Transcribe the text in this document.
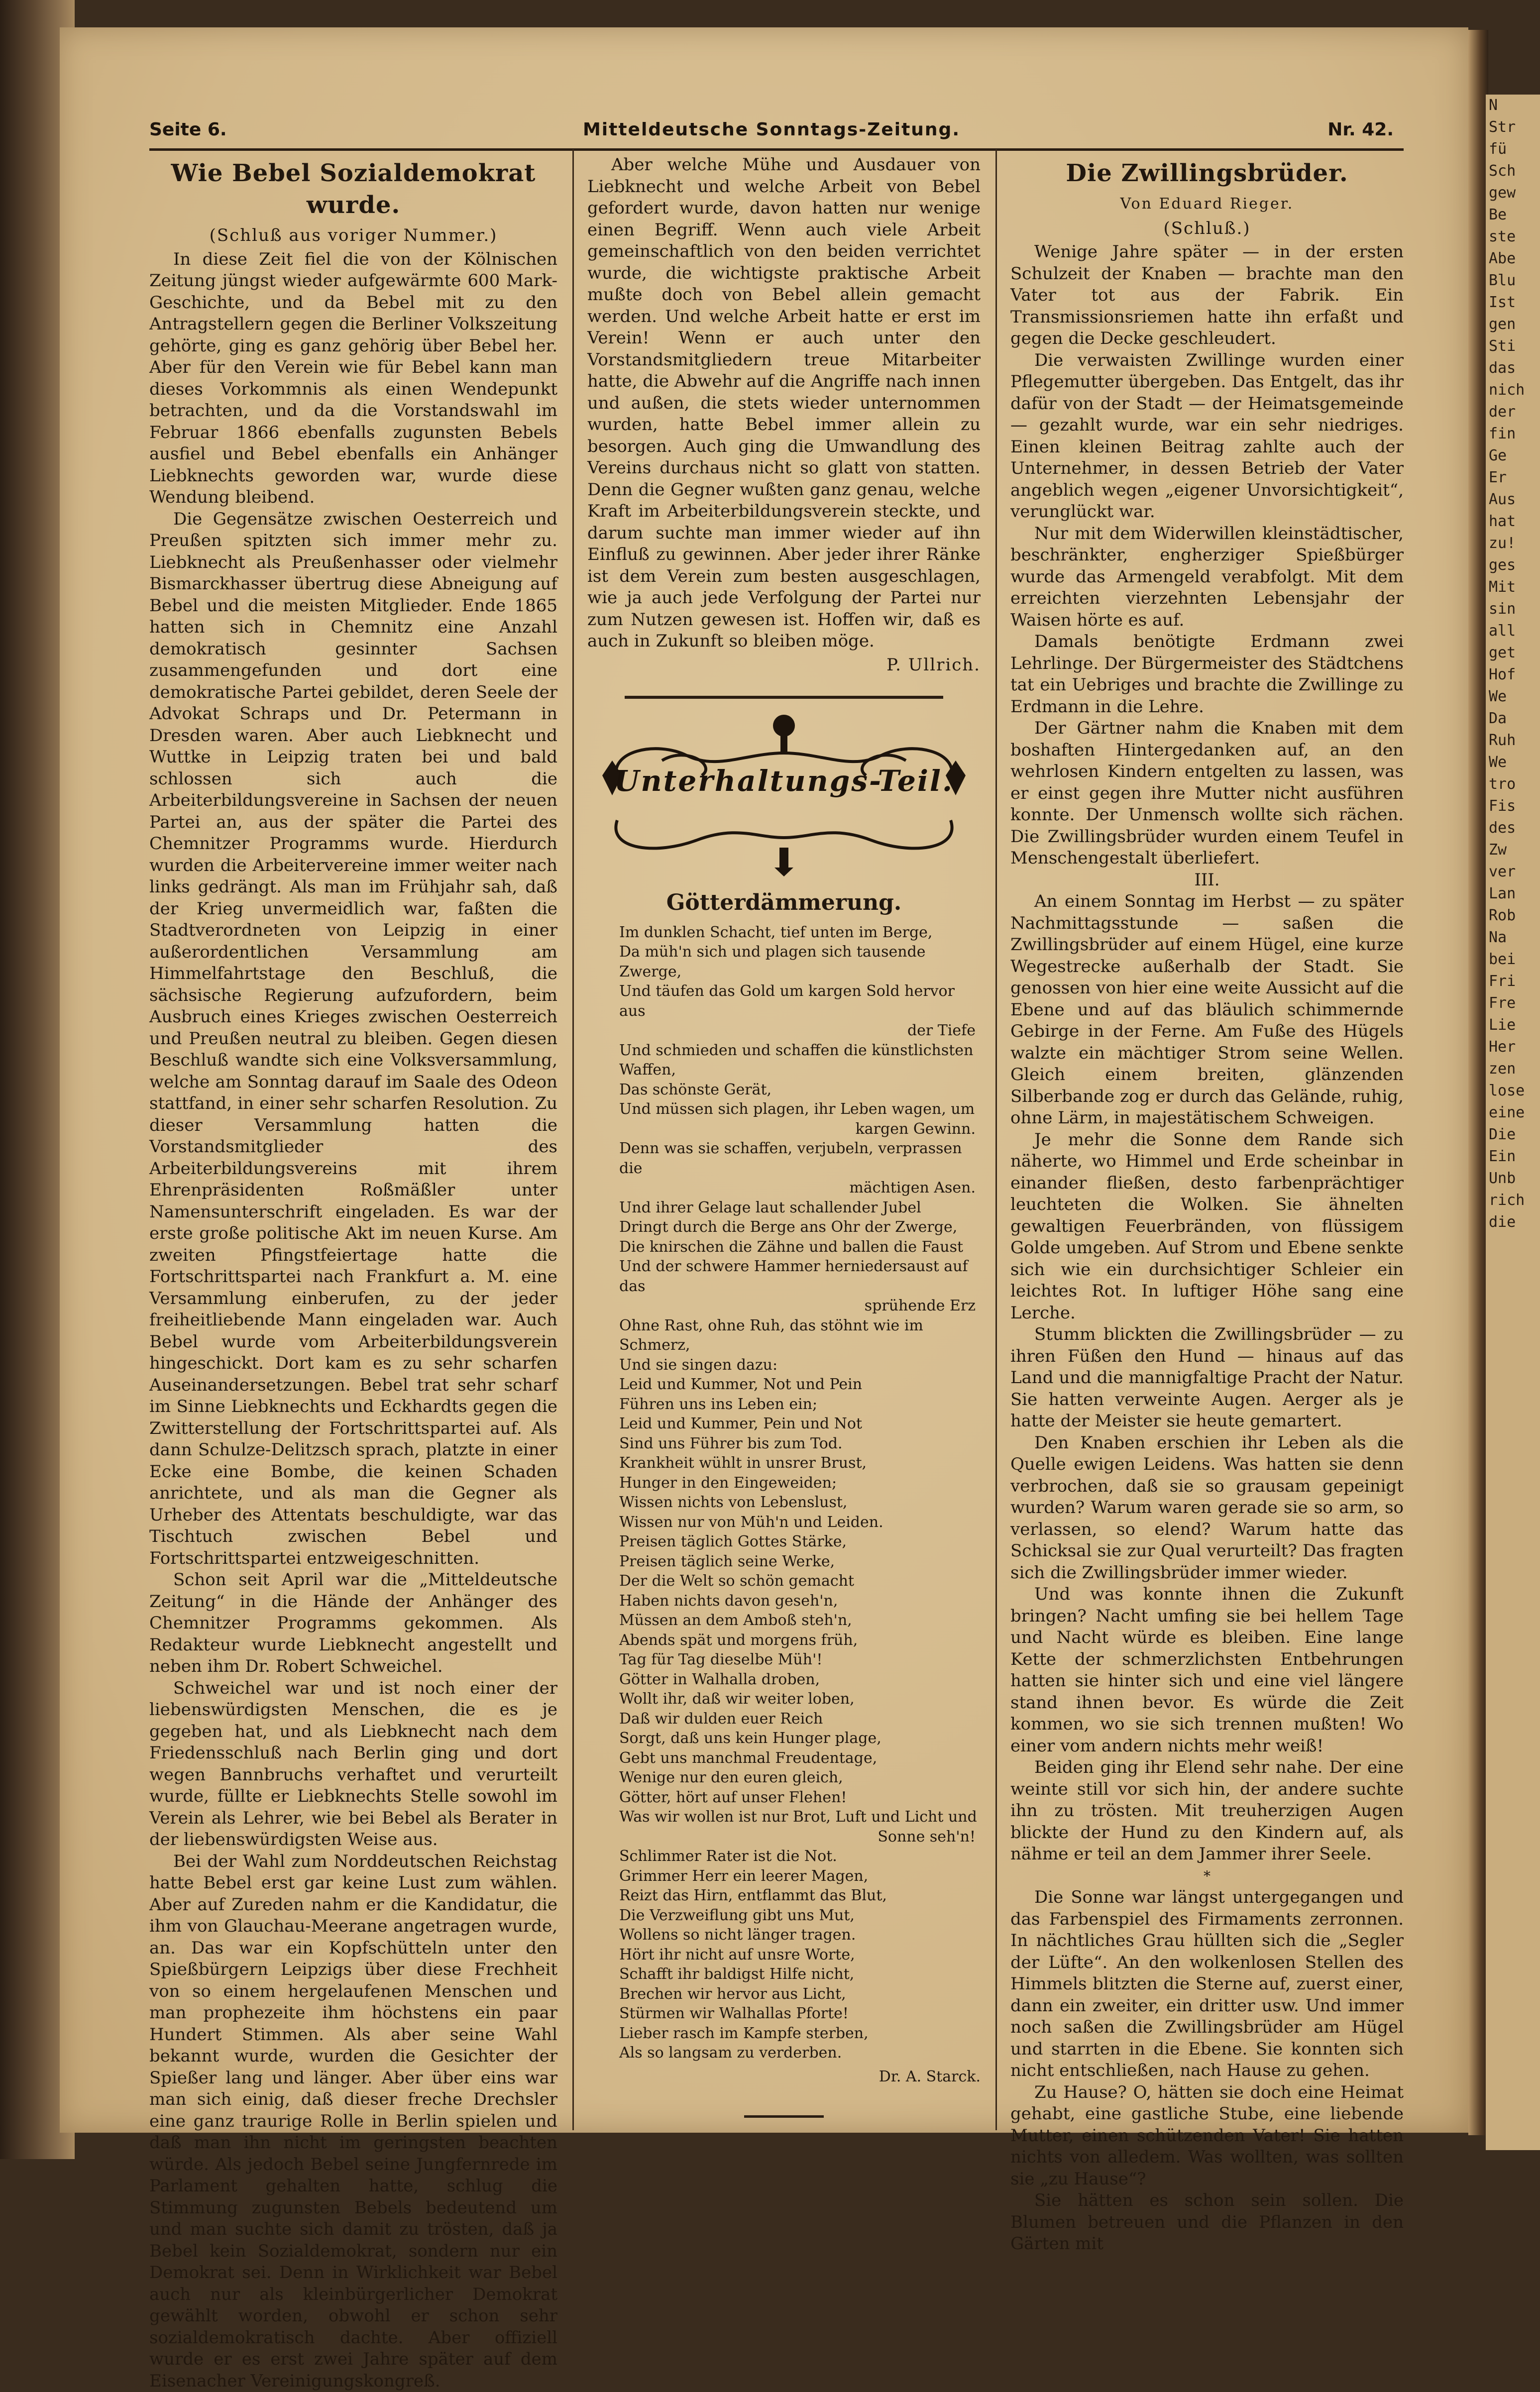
Seite 6.	Mitteldeutsche Sonntags-Zeitung.	Nr. 42.
Wie Bebel Sozialdemokrat wurde.
(Schluß aus voriger Nummer.)

In diese Zeit fiel die von der Kölnischen Zeitung jüngst wieder aufgewärmte 600 Mark-Geschichte, und da Bebel mit zu den Antragstellern gegen die Berliner Volkszeitung gehörte, ging es ganz gehörig über Bebel her. Aber für den Verein wie für Bebel kann man dieses Vorkommnis als einen Wendepunkt betrachten, und da die Vorstandswahl im Februar 1866 ebenfalls zugunsten Bebels ausfiel und Bebel ebenfalls ein Anhänger Liebknechts geworden war, wurde diese Wendung bleibend.

Die Gegensätze zwischen Oesterreich und Preußen spitzten sich immer mehr zu. Liebknecht als Preußenhasser oder vielmehr Bismarckhasser übertrug diese Abneigung auf Bebel und die meisten Mitglieder. Ende 1865 hatten sich in Chemnitz eine Anzahl demokratisch gesinnter Sachsen zusammengefunden und dort eine demokratische Partei gebildet, deren Seele der Advokat Schraps und Dr. Petermann in Dresden waren. Aber auch Liebknecht und Wuttke in Leipzig traten bei und bald schlossen sich auch die Arbeiterbildungsvereine in Sachsen der neuen Partei an, aus der später die Partei des Chemnitzer Programms wurde. Hierdurch wurden die Arbeitervereine immer weiter nach links gedrängt. Als man im Frühjahr sah, daß der Krieg unvermeidlich war, faßten die Stadtverordneten von Leipzig in einer außerordentlichen Versammlung am Himmelfahrtstage den Beschluß, die sächsische Regierung aufzufordern, beim Ausbruch eines Krieges zwischen Oesterreich und Preußen neutral zu bleiben. Gegen diesen Beschluß wandte sich eine Volksversammlung, welche am Sonntag darauf im Saale des Odeon stattfand, in einer sehr scharfen Resolution. Zu dieser Versammlung hatten die Vorstandsmitglieder des Arbeiterbildungsvereins mit ihrem Ehrenpräsidenten Roßmäßler unter Namensunterschrift eingeladen. Es war der erste große politische Akt im neuen Kurse. Am zweiten Pfingstfeiertage hatte die Fortschrittspartei nach Frankfurt a. M. eine Versammlung einberufen, zu der jeder freiheitliebende Mann eingeladen war. Auch Bebel wurde vom Arbeiterbildungsverein hingeschickt. Dort kam es zu sehr scharfen Auseinandersetzungen. Bebel trat sehr scharf im Sinne Liebknechts und Eckhardts gegen die Zwitterstellung der Fortschrittspartei auf. Als dann Schulze-Delitzsch sprach, platzte in einer Ecke eine Bombe, die keinen Schaden anrichtete, und als man die Gegner als Urheber des Attentats beschuldigte, war das Tischtuch zwischen Bebel und Fortschrittspartei entzweigeschnitten.

Schon seit April war die „Mitteldeutsche Zeitung“ in die Hände der Anhänger des Chemnitzer Programms gekommen. Als Redakteur wurde Liebknecht angestellt und neben ihm Dr. Robert Schweichel.

Schweichel war und ist noch einer der liebenswürdigsten Menschen, die es je gegeben hat, und als Liebknecht nach dem Friedensschluß nach Berlin ging und dort wegen Bannbruchs verhaftet und verurteilt wurde, füllte er Liebknechts Stelle sowohl im Verein als Lehrer, wie bei Bebel als Berater in der liebenswürdigsten Weise aus.

Bei der Wahl zum Norddeutschen Reichstag hatte Bebel erst gar keine Lust zum wählen. Aber auf Zureden nahm er die Kandidatur, die ihm von Glauchau-Meerane angetragen wurde, an. Das war ein Kopfschütteln unter den Spießbürgern Leipzigs über diese Frechheit von so einem hergelaufenen Menschen und man prophezeite ihm höchstens ein paar Hundert Stimmen. Als aber seine Wahl bekannt wurde, wurden die Gesichter der Spießer lang und länger. Aber über eins war man sich einig, daß dieser freche Drechsler eine ganz traurige Rolle in Berlin spielen und daß man ihn nicht im geringsten beachten würde. Als jedoch Bebel seine Jungfernrede im Parlament gehalten hatte, schlug die Stimmung zugunsten Bebels bedeutend um und man suchte sich damit zu trösten, daß ja Bebel kein Sozialdemokrat, sondern nur ein Demokrat sei. Denn in Wirklichkeit war Bebel auch nur als kleinbürgerlicher Demokrat gewählt worden, obwohl er schon sehr sozialdemokratisch dachte. Aber offiziell wurde er es erst zwei Jahre später auf dem Eisenacher Vereinigungskongreß.

Aber welche Mühe und Ausdauer von Liebknecht und welche Arbeit von Bebel gefordert wurde, davon hatten nur wenige einen Begriff. Wenn auch viele Arbeit gemeinschaftlich von den beiden verrichtet wurde, die wichtigste praktische Arbeit mußte doch von Bebel allein gemacht werden. Und welche Arbeit hatte er erst im Verein! Wenn er auch unter den Vorstandsmitgliedern treue Mitarbeiter hatte, die Abwehr auf die Angriffe nach innen und außen, die stets wieder unternommen wurden, hatte Bebel immer allein zu besorgen. Auch ging die Umwandlung des Vereins durchaus nicht so glatt von statten. Denn die Gegner wußten ganz genau, welche Kraft im Arbeiterbildungsverein steckte, und darum suchte man immer wieder auf ihn Einfluß zu gewinnen. Aber jeder ihrer Ränke ist dem Verein zum besten ausgeschlagen, wie ja auch jede Verfolgung der Partei nur zum Nutzen gewesen ist. Hoffen wir, daß es auch in Zukunft so bleiben möge.

P. Ullrich.
Unterhaltungs-Teil.
Götterdämmerung.
Im dunklen Schacht, tief unten im Berge,
Da müh'n sich und plagen sich tausende Zwerge,
Und täufen das Gold um kargen Sold hervor aus
der Tiefe
Und schmieden und schaffen die künstlichsten Waffen,
Das schönste Gerät,
Und müssen sich plagen, ihr Leben wagen, um
kargen Gewinn.
Denn was sie schaffen, verjubeln, verprassen die
mächtigen Asen.
Und ihrer Gelage laut schallender Jubel
Dringt durch die Berge ans Ohr der Zwerge,
Die knirschen die Zähne und ballen die Faust
Und der schwere Hammer herniedersaust auf das
sprühende Erz
Ohne Rast, ohne Ruh, das stöhnt wie im Schmerz,
Und sie singen dazu:
Leid und Kummer, Not und Pein
Führen uns ins Leben ein;
Leid und Kummer, Pein und Not
Sind uns Führer bis zum Tod.
Krankheit wühlt in unsrer Brust,
Hunger in den Eingeweiden;
Wissen nichts von Lebenslust,
Wissen nur von Müh'n und Leiden.
Preisen täglich Gottes Stärke,
Preisen täglich seine Werke,
Der die Welt so schön gemacht
Haben nichts davon geseh'n,
Müssen an dem Amboß steh'n,
Abends spät und morgens früh,
Tag für Tag dieselbe Müh'!
Götter in Walhalla droben,
Wollt ihr, daß wir weiter loben,
Daß wir dulden euer Reich
Sorgt, daß uns kein Hunger plage,
Gebt uns manchmal Freudentage,
Wenige nur den euren gleich,
Götter, hört auf unser Flehen!
Was wir wollen ist nur Brot, Luft und Licht und
Sonne seh'n!
Schlimmer Rater ist die Not.
Grimmer Herr ein leerer Magen,
Reizt das Hirn, entflammt das Blut,
Die Verzweiflung gibt uns Mut,
Wollens so nicht länger tragen.
Hört ihr nicht auf unsre Worte,
Schafft ihr baldigst Hilfe nicht,
Brechen wir hervor aus Licht,
Stürmen wir Walhallas Pforte!
Lieber rasch im Kampfe sterben,
Als so langsam zu verderben.
Dr. A. Starck.
Die Zwillingsbrüder.
Von Eduard Rieger.
(Schluß.)

Wenige Jahre später — in der ersten Schulzeit der Knaben — brachte man den Vater tot aus der Fabrik. Ein Transmissionsriemen hatte ihn erfaßt und gegen die Decke geschleudert.

Die verwaisten Zwillinge wurden einer Pflegemutter übergeben. Das Entgelt, das ihr dafür von der Stadt — der Heimatsgemeinde — gezahlt wurde, war ein sehr niedriges. Einen kleinen Beitrag zahlte auch der Unternehmer, in dessen Betrieb der Vater angeblich wegen „eigener Unvorsichtigkeit“, verunglückt war.

Nur mit dem Widerwillen kleinstädtischer, beschränkter, engherziger Spießbürger wurde das Armengeld verabfolgt. Mit dem erreichten vierzehnten Lebensjahr der Waisen hörte es auf.

Damals benötigte Erdmann zwei Lehrlinge. Der Bürgermeister des Städtchens tat ein Uebriges und brachte die Zwillinge zu Erdmann in die Lehre.

Der Gärtner nahm die Knaben mit dem boshaften Hintergedanken auf, an den wehrlosen Kindern entgelten zu lassen, was er einst gegen ihre Mutter nicht ausführen konnte. Der Unmensch wollte sich rächen. Die Zwillingsbrüder wurden einem Teufel in Menschengestalt überliefert.

III.

An einem Sonntag im Herbst — zu später Nachmittagsstunde — saßen die Zwillingsbrüder auf einem Hügel, eine kurze Wegestrecke außerhalb der Stadt. Sie genossen von hier eine weite Aussicht auf die Ebene und auf das bläulich schimmernde Gebirge in der Ferne. Am Fuße des Hügels walzte ein mächtiger Strom seine Wellen. Gleich einem breiten, glänzenden Silberbande zog er durch das Gelände, ruhig, ohne Lärm, in majestätischem Schweigen.

Je mehr die Sonne dem Rande sich näherte, wo Himmel und Erde scheinbar in einander fließen, desto farbenprächtiger leuchteten die Wolken. Sie ähnelten gewaltigen Feuerbränden, von flüssigem Golde umgeben. Auf Strom und Ebene senkte sich wie ein durchsichtiger Schleier ein leichtes Rot. In luftiger Höhe sang eine Lerche.

Stumm blickten die Zwillingsbrüder — zu ihren Füßen den Hund — hinaus auf das Land und die mannigfaltige Pracht der Natur. Sie hatten verweinte Augen. Aerger als je hatte der Meister sie heute gemartert.

Den Knaben erschien ihr Leben als die Quelle ewigen Leidens. Was hatten sie denn verbrochen, daß sie so grausam gepeinigt wurden? Warum waren gerade sie so arm, so verlassen, so elend? Warum hatte das Schicksal sie zur Qual verurteilt? Das fragten sich die Zwillingsbrüder immer wieder.

Und was konnte ihnen die Zukunft bringen? Nacht umfing sie bei hellem Tage und Nacht würde es bleiben. Eine lange Kette der schmerzlichsten Entbehrungen hatten sie hinter sich und eine viel längere stand ihnen bevor. Es würde die Zeit kommen, wo sie sich trennen mußten! Wo einer vom andern nichts mehr weiß!

Beiden ging ihr Elend sehr nahe. Der eine weinte still vor sich hin, der andere suchte ihn zu trösten. Mit treuherzigen Augen blickte der Hund zu den Kindern auf, als nähme er teil an dem Jammer ihrer Seele.

*

Die Sonne war längst untergegangen und das Farbenspiel des Firmaments zerronnen. In nächtliches Grau hüllten sich die „Segler der Lüfte“. An den wolkenlosen Stellen des Himmels blitzten die Sterne auf, zuerst einer, dann ein zweiter, ein dritter usw. Und immer noch saßen die Zwillingsbrüder am Hügel und starrten in die Ebene. Sie konnten sich nicht entschließen, nach Hause zu gehen.

Zu Hause? O, hätten sie doch eine Heimat gehabt, eine gastliche Stube, eine liebende Mutter, einen schützenden Vater! Sie hatten nichts von alledem. Was wollten, was sollten sie „zu Hause“?

Sie hätten es schon sein sollen. Die Blumen betreuen und die Pflanzen in den Gärten mit

N
Str
fü
Sch
gew
Be
ste
Abe
Blu
Ist
gen
Sti
das
nich
der
fin
Ge
Er
Aus
hat
zu!
ges
Mit
sin
all
get
Hof
We
Da
Ruh
We
tro
Fis
des
Zw
ver
Lan
Rob
Na
bei
Fri
Fre
Lie
Her
zen
lose
eine
Die
Ein
Unb
rich
die
